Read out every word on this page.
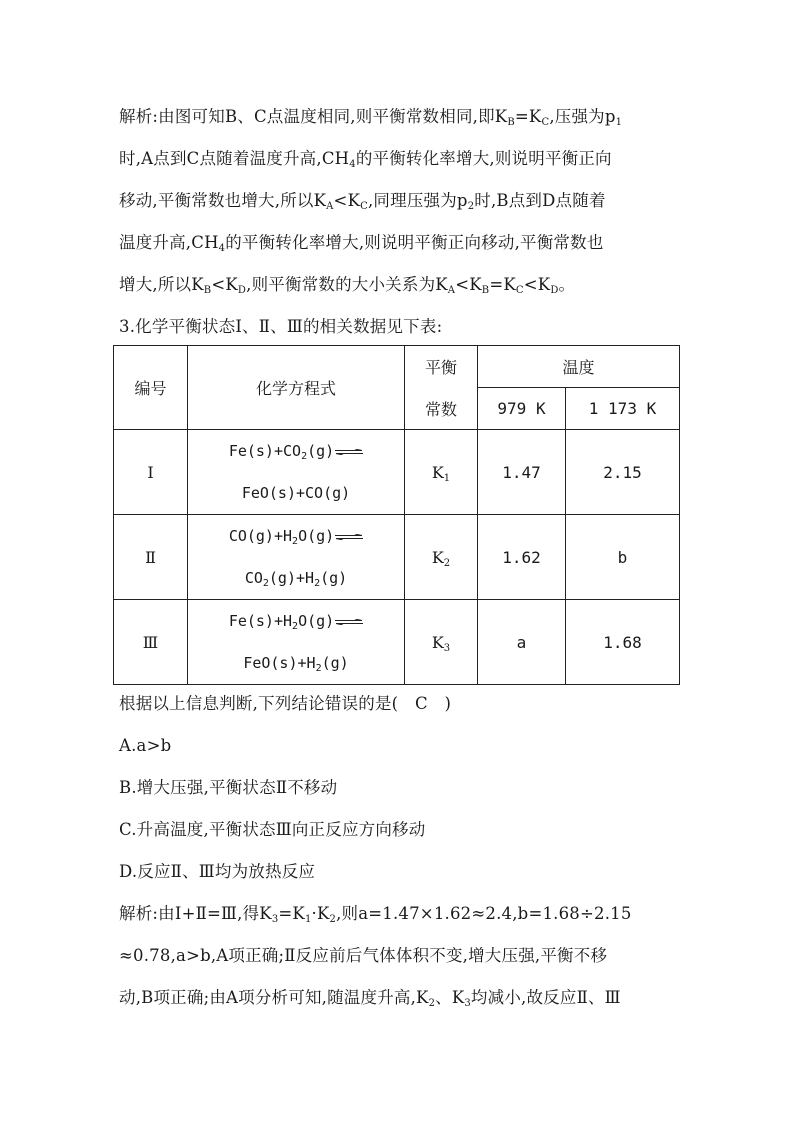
解析:由图可知B、C点温度相同,则平衡常数相同,即$K_B=K_C$,压强为$p_1$
时,A点到C点随着温度升高$,CH_4$的平衡转化率增大,则说明平衡正向
移动,平衡常数也增大,所以$K_A<K_C$,同理压强为$p_2$时,B点到D点随着
温度升高$,CH_4$的平衡转化率增大,则说明平衡正向移动,平衡常数也
增大,所以$K_B<K_D$,则平衡常数的大小关系为$K_A<K_B=K_C<K_D$。
3.化学平衡状态Ⅰ、Ⅱ、Ⅲ的相关数据见下表:
编号	化学方程式	平衡	温度	
		常数	979 K	1 173 K
Ⅰ	$Fe(s)+CO_2(g)\rightleftharpoons$
FeO(s)+CO(g)	$K_1$	1.47	2.15
Ⅱ	$CO(g)+H_2O(g)\rightleftharpoons$
$CO_2(g)+H_2(g)$	$K_2$	1.62	b
Ⅲ	$Fe(s)+H_2O(g)\rightleftharpoons$
$FeO(s)+H_2(g)$	$K_3$	a	1.68
根据以上信息判断,下列结论错误的是(　C　)
A.a>b
B.增大压强,平衡状态Ⅱ不移动
C.升高温度,平衡状态Ⅲ向正反应方向移动
D.反应Ⅱ、Ⅲ均为放热反应
解析:由Ⅰ+Ⅱ=Ⅲ,得$K_3=K_1\cdot K_2$,则a=1.47×1.62≈2.4,b=1.68÷2.15
≈0.78,a>b,A项正确;Ⅱ反应前后气体体积不变,增大压强,平衡不移
动,B项正确;由A项分析可知,随温度升高$,K_2$、$K_3$均减小,故反应Ⅱ、Ⅲ
